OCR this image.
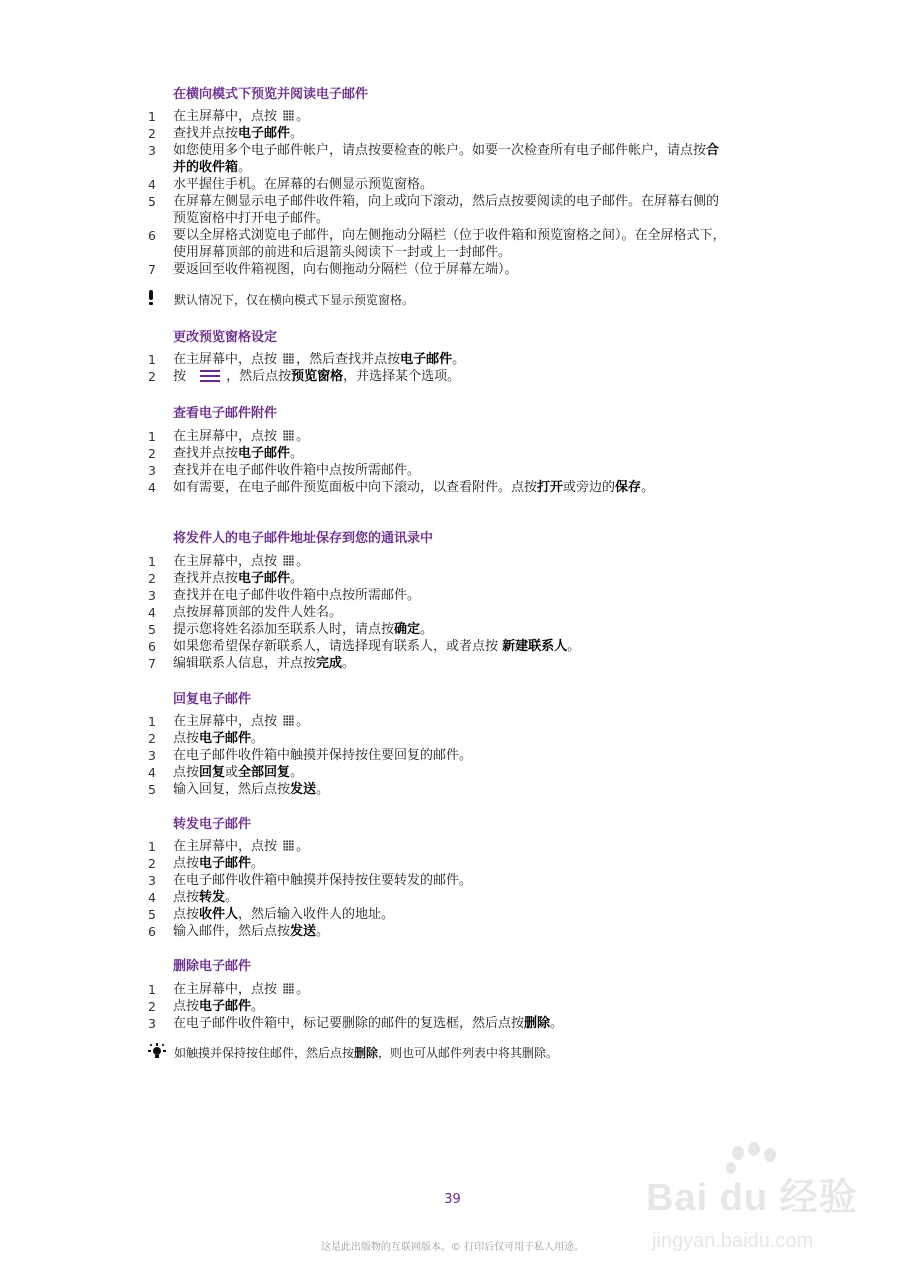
在横向模式下预览并阅读电子邮件
1	在主屏幕中，点按 。
2	查找并点按电子邮件。
3	如您使用多个电子邮件帐户，请点按要检查的帐户。如要一次检查所有电子邮件帐户，请点按合并的收件箱。
4	水平握住手机。在屏幕的右侧显示预览窗格。
5	在屏幕左侧显示电子邮件收件箱，向上或向下滚动，然后点按要阅读的电子邮件。在屏幕右侧的预览窗格中打开电子邮件。
6	要以全屏格式浏览电子邮件，向左侧拖动分隔栏（位于收件箱和预览窗格之间）。在全屏格式下，使用屏幕顶部的前进和后退箭头阅读下一封或上一封邮件。
7	要返回至收件箱视图，向右侧拖动分隔栏（位于屏幕左端）。
默认情况下，仅在横向模式下显示预览窗格。
更改预览窗格设定
1	在主屏幕中，点按 ，然后查找并点按电子邮件。
2	按	，然后点按预览窗格，并选择某个选项。
查看电子邮件附件
1	在主屏幕中，点按 。
2	查找并点按电子邮件。
3	查找并在电子邮件收件箱中点按所需邮件。
4	如有需要，在电子邮件预览面板中向下滚动，以查看附件。点按打开或旁边的保存。
将发件人的电子邮件地址保存到您的通讯录中
1	在主屏幕中，点按 。
2	查找并点按电子邮件。
3	查找并在电子邮件收件箱中点按所需邮件。
4	点按屏幕顶部的发件人姓名。
5	提示您将姓名添加至联系人时，请点按确定。
6	如果您希望保存新联系人，请选择现有联系人，或者点按 新建联系人。
7	编辑联系人信息，并点按完成。
回复电子邮件
1	在主屏幕中，点按 。
2	点按电子邮件。
3	在电子邮件收件箱中触摸并保持按住要回复的邮件。
4	点按回复或全部回复。
5	输入回复，然后点按发送。
转发电子邮件
1	在主屏幕中，点按 。
2	点按电子邮件。
3	在电子邮件收件箱中触摸并保持按住要转发的邮件。
4	点按转发。
5	点按收件人，然后输入收件人的地址。
6	输入邮件，然后点按发送。
删除电子邮件
1	在主屏幕中，点按 。
2	点按电子邮件。
3	在电子邮件收件箱中，标记要删除的邮件的复选框，然后点按删除。
如触摸并保持按住邮件，然后点按删除，则也可从邮件列表中将其删除。
39
这是此出版物的互联网版本。© 打印后仅可用于私人用途。
Bai du 经验
jingyan.baidu.com
